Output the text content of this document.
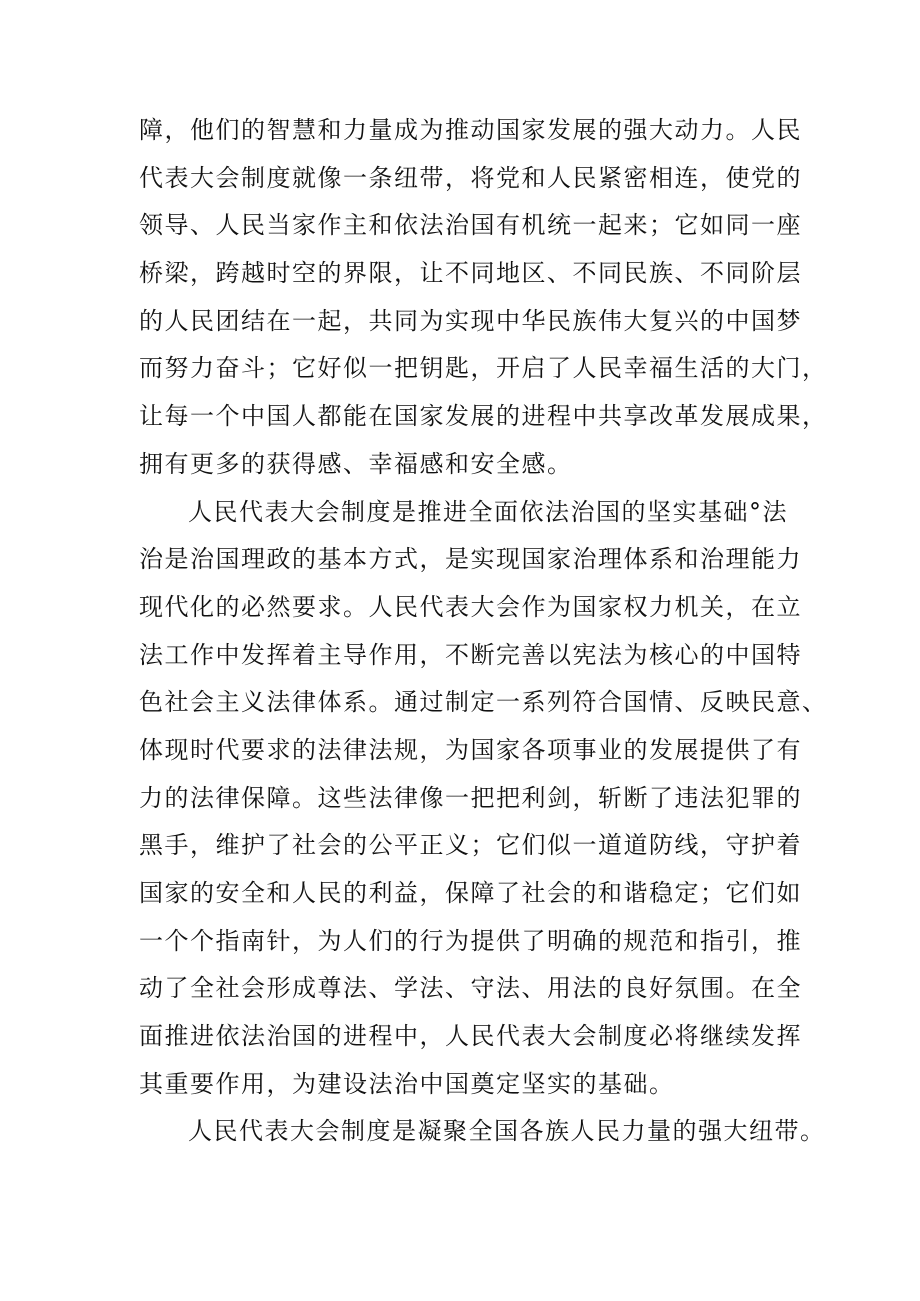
障，他们的智慧和力量成为推动国家发展的强大动力。人民
代表大会制度就像一条纽带，将党和人民紧密相连，使党的
领导、人民当家作主和依法治国有机统一起来；它如同一座
桥梁，跨越时空的界限，让不同地区、不同民族、不同阶层
的人民团结在一起，共同为实现中华民族伟大复兴的中国梦
而努力奋斗；它好似一把钥匙，开启了人民幸福生活的大门，
让每一个中国人都能在国家发展的进程中共享改革发展成果，
拥有更多的获得感、幸福感和安全感。
人民代表大会制度是推进全面依法治国的坚实基础°法
治是治国理政的基本方式，是实现国家治理体系和治理能力
现代化的必然要求。人民代表大会作为国家权力机关，在立
法工作中发挥着主导作用，不断完善以宪法为核心的中国特
色社会主义法律体系。通过制定一系列符合国情、反映民意、
体现时代要求的法律法规，为国家各项事业的发展提供了有
力的法律保障。这些法律像一把把利剑，斩断了违法犯罪的
黑手，维护了社会的公平正义；它们似一道道防线，守护着
国家的安全和人民的利益，保障了社会的和谐稳定；它们如
一个个指南针，为人们的行为提供了明确的规范和指引，推
动了全社会形成尊法、学法、守法、用法的良好氛围。在全
面推进依法治国的进程中，人民代表大会制度必将继续发挥
其重要作用，为建设法治中国奠定坚实的基础。
人民代表大会制度是凝聚全国各族人民力量的强大纽带。
